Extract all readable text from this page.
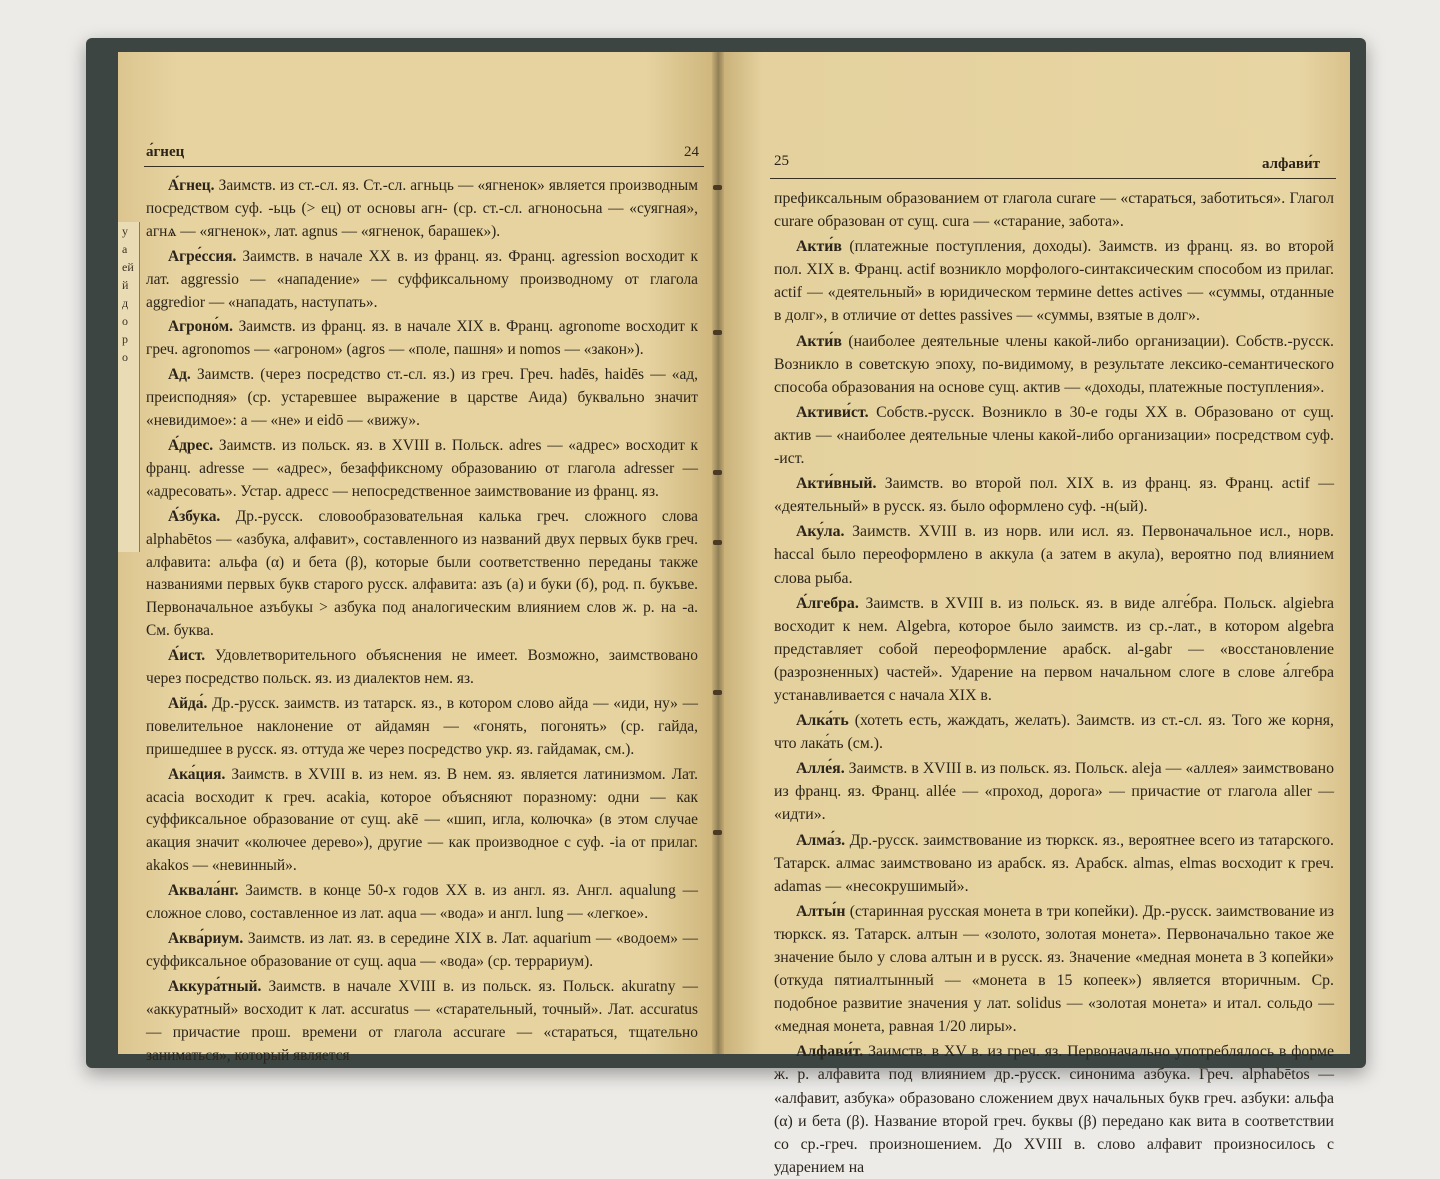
у
а
ей
й
д
о
р
о
а́гнец	24

А́гнец. Заимств. из ст.-сл. яз. Ст.-сл. агньць — «ягненок» является производным посредством суф. -ьць (> ец) от основы агн- (ср. ст.-сл. агноносьна — «суягная», агнѧ — «ягненок», лат. agnus — «ягненок, барашек»).

Агре́ссия. Заимств. в начале XX в. из франц. яз. Франц. agression восходит к лат. aggressio — «нападение» — суффиксальному производному от глагола aggredior — «нападать, наступать».

Агроно́м. Заимств. из франц. яз. в начале XIX в. Франц. agronome восходит к греч. agronomos — «агроном» (agros — «поле, пашня» и nomos — «закон»).

Ад. Заимств. (через посредство ст.-сл. яз.) из греч. Греч. hadēs, haidēs — «ад, преисподняя» (ср. устаревшее выражение в царстве Аида) буквально значит «невидимое»: a — «не» и eidō — «вижу».

А́дрес. Заимств. из польск. яз. в XVIII в. Польск. adres — «адрес» восходит к франц. adresse — «адрес», безаффиксному образованию от глагола adresser — «адресовать». Устар. адресс — непосредственное заимствование из франц. яз.

А́збука. Др.-русск. словообразовательная калька греч. сложного слова alphabētos — «азбука, алфавит», составленного из названий двух первых букв греч. алфавита: альфа (α) и бета (β), которые были соответственно переданы также названиями первых букв старого русск. алфавита: азъ (а) и буки (б), род. п. букъве. Первоначальное азъбукы > азбука под аналогическим влиянием слов ж. р. на -а. См. буква.

А́ист. Удовлетворительного объяснения не имеет. Возможно, заимствовано через посредство польск. яз. из диалектов нем. яз.

Айда́. Др.-русск. заимств. из татарск. яз., в котором слово айда — «иди, ну» — повелительное наклонение от айдамян — «гонять, погонять» (ср. гайда, пришедшее в русск. яз. оттуда же через посредство укр. яз. гайдамак, см.).

Ака́ция. Заимств. в XVIII в. из нем. яз. В нем. яз. является латинизмом. Лат. acacia восходит к греч. acakia, которое объясняют поразному: одни — как суффиксальное образование от сущ. akē — «шип, игла, колючка» (в этом случае акация значит «колючее дерево»), другие — как производное с суф. -ia от прилаг. akakos — «невинный».

Аквала́нг. Заимств. в конце 50-х годов XX в. из англ. яз. Англ. aqualung — сложное слово, составленное из лат. aqua — «вода» и англ. lung — «легкое».

Аква́риум. Заимств. из лат. яз. в середине XIX в. Лат. aquarium — «водоем» — суффиксальное образование от сущ. aqua — «вода» (ср. террариум).

Аккура́тный. Заимств. в начале XVIII в. из польск. яз. Польск. akuratny — «аккуратный» восходит к лат. accuratus — «старательный, точный». Лат. accuratus — причастие прош. времени от глагола accurare — «стараться, тщательно заниматься», который является

25	алфави́т

префиксальным образованием от глагола curare — «стараться, заботиться». Глагол curare образован от сущ. cura — «старание, забота».

Акти́в (платежные поступления, доходы). Заимств. из франц. яз. во второй пол. XIX в. Франц. actif возникло морфолого-синтаксическим способом из прилаг. actif — «деятельный» в юридическом термине dettes actives — «суммы, отданные в долг», в отличие от dettes passives — «суммы, взятые в долг».

Акти́в (наиболее деятельные члены какой-либо организации). Собств.-русск. Возникло в советскую эпоху, по-видимому, в результате лексико-семантического способа образования на основе сущ. актив — «доходы, платежные поступления».

Активи́ст. Собств.-русск. Возникло в 30-е годы XX в. Образовано от сущ. актив — «наиболее деятельные члены какой-либо организации» посредством суф. -ист.

Акти́вный. Заимств. во второй пол. XIX в. из франц. яз. Франц. actif — «деятельный» в русск. яз. было оформлено суф. -н(ый).

Аку́ла. Заимств. XVIII в. из норв. или исл. яз. Первоначальное исл., норв. haccal было переоформлено в аккула (а затем в акула), вероятно под влиянием слова рыба.

А́лгебра. Заимств. в XVIII в. из польск. яз. в виде алге́бра. Польск. algiebra восходит к нем. Algebra, которое было заимств. из ср.-лат., в котором algebra представляет собой переоформление арабск. al-gabr — «восстановление (разрозненных) частей». Ударение на первом начальном слоге в слове а́лгебра устанавливается с начала XIX в.

Алка́ть (хотеть есть, жаждать, желать). Заимств. из ст.-сл. яз. Того же корня, что лака́ть (см.).

Алле́я. Заимств. в XVIII в. из польск. яз. Польск. aleja — «аллея» заимствовано из франц. яз. Франц. allée — «проход, дорога» — причастие от глагола aller — «идти».

Алма́з. Др.-русск. заимствование из тюркск. яз., вероятнее всего из татарского. Татарск. алмас заимствовано из арабск. яз. Арабск. almas, elmas восходит к греч. adamas — «несокрушимый».

Алты́н (старинная русская монета в три копейки). Др.-русск. заимствование из тюркск. яз. Татарск. алтын — «золото, золотая монета». Первоначально такое же значение было у слова алтын и в русск. яз. Значение «медная монета в 3 копейки» (откуда пятиалтынный — «монета в 15 копеек») является вторичным. Ср. подобное развитие значения у лат. solidus — «золотая монета» и итал. сольдо — «медная монета, равная 1/20 лиры».

Алфави́т. Заимств. в XV в. из греч. яз. Первоначально употреблялось в форме ж. р. алфавита под влиянием др.-русск. синонима азбука. Греч. alphabētos — «алфавит, азбука» образовано сложением двух начальных букв греч. азбуки: альфа (α) и бета (β). Название второй греч. буквы (β) передано как вита в соответствии со ср.-греч. произношением. До XVIII в. слово алфавит произносилось с ударением на
